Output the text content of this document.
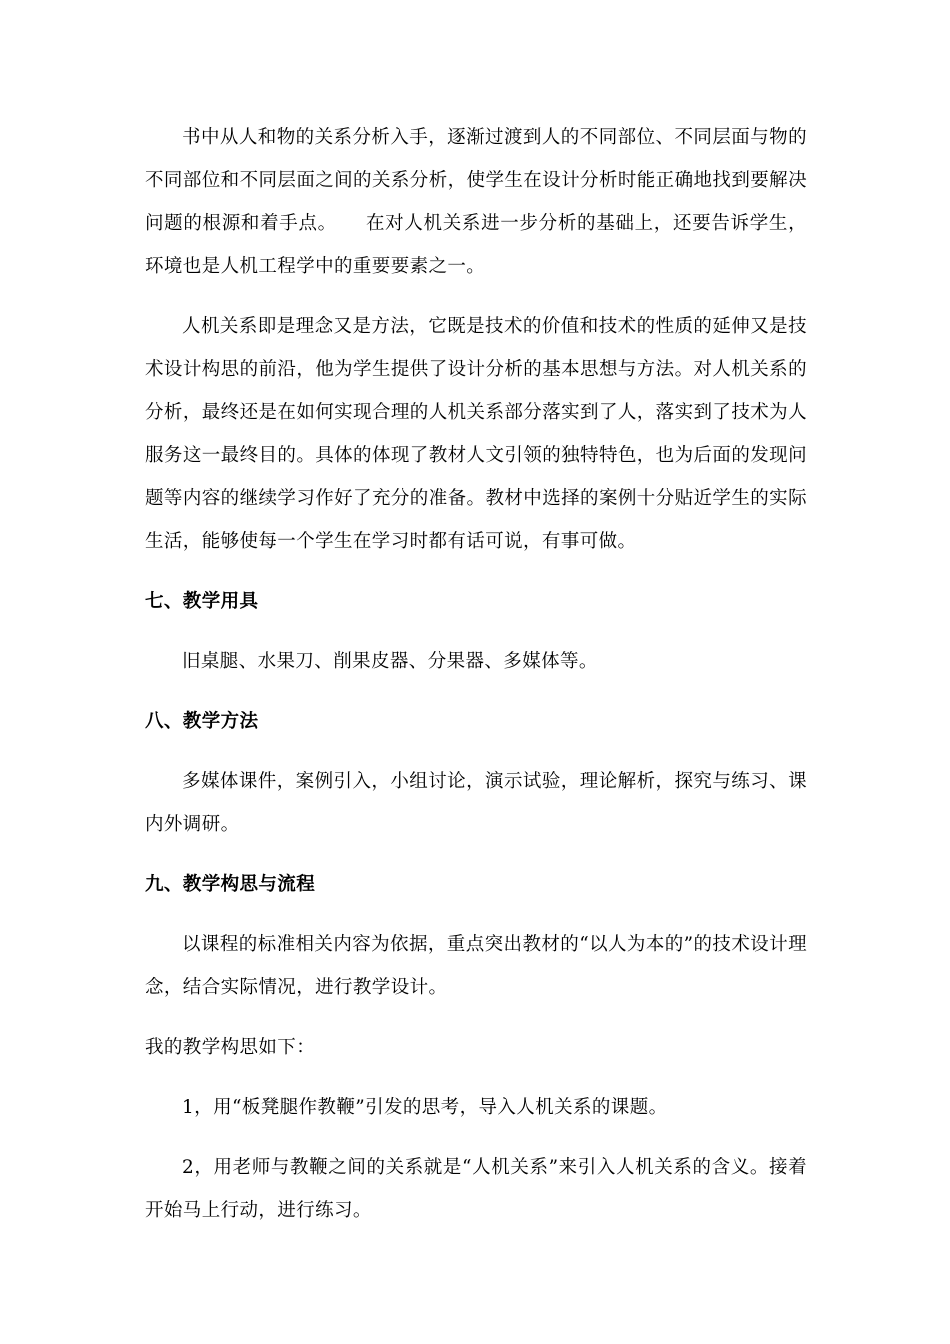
书中从人和物的关系分析入手，逐渐过渡到人的不同部位、不同层面与物的不同部位和不同层面之间的关系分析，使学生在设计分析时能正确地找到要解决问题的根源和着手点。　　在对人机关系进一步分析的基础上，还要告诉学生，环境也是人机工程学中的重要要素之一。

人机关系即是理念又是方法，它既是技术的价值和技术的性质的延伸又是技术设计构思的前沿，他为学生提供了设计分析的基本思想与方法。对人机关系的分析，最终还是在如何实现合理的人机关系部分落实到了人，落实到了技术为人服务这一最终目的。具体的体现了教材人文引领的独特特色，也为后面的发现问题等内容的继续学习作好了充分的准备。教材中选择的案例十分贴近学生的实际生活，能够使每一个学生在学习时都有话可说，有事可做。

七、教学用具

旧桌腿、水果刀、削果皮器、分果器、多媒体等。

八、教学方法

多媒体课件，案例引入，小组讨论，演示试验，理论解析，探究与练习、课内外调研。

九、教学构思与流程

以课程的标准相关内容为依据，重点突出教材的“以人为本的”的技术设计理念，结合实际情况，进行教学设计。

我的教学构思如下：

1，用“板凳腿作教鞭”引发的思考，导入人机关系的课题。

2，用老师与教鞭之间的关系就是“人机关系”来引入人机关系的含义。接着开始马上行动，进行练习。
